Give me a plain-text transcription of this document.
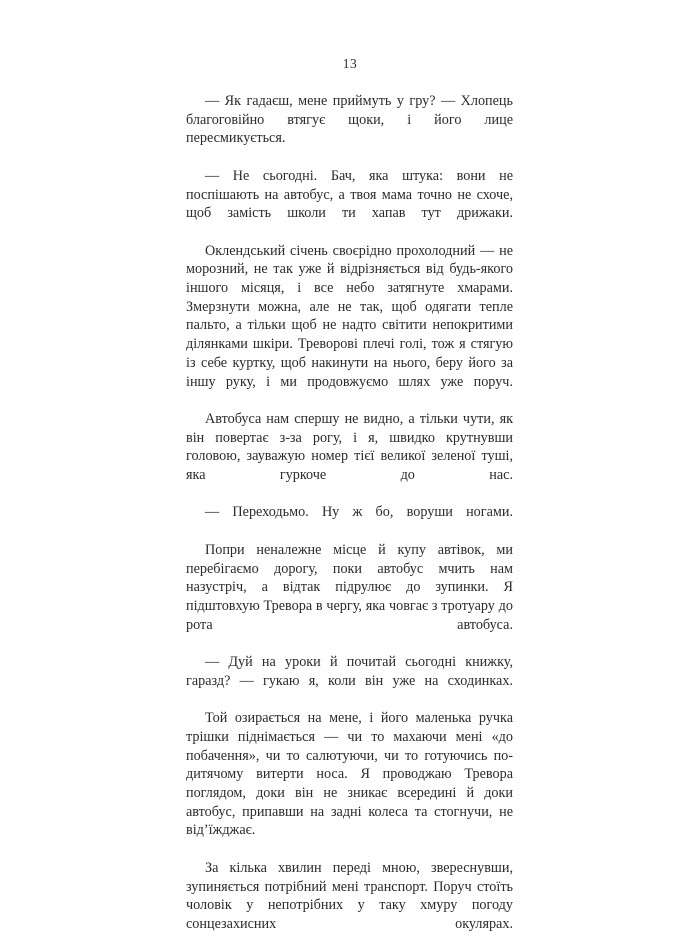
13

— Як гадаєш, мене приймуть у гру? — Хлопець благоговійно втягує щоки, і його лице пересмикується.

— Не сьогодні. Бач, яка штука: вони не поспішають на автобус, а твоя мама точно не схоче, щоб замість школи ти хапав тут дрижаки.

Оклендський січень своєрідно прохолодний — не морозний, не так уже й відрізняється від будь-якого іншого місяця, і все небо затягнуте хмарами. Змерзнути можна, але не так, щоб одягати тепле пальто, а тільки щоб не надто світити непокритими ділянками шкіри. Треворові плечі голі, тож я стягую із себе куртку, щоб накинути на нього, беру його за іншу руку, і ми продовжуємо шлях уже поруч.

Автобуса нам спершу не видно, а тільки чути, як він повертає з-за рогу, і я, швидко крутнувши головою, зауважую номер тієї великої зеленої туші, яка гуркоче до нас.

— Переходьмо. Ну ж бо, воруши ногами.

Попри неналежне місце й купу автівок, ми перебігаємо дорогу, поки автобус мчить нам назустріч, а відтак підрулює до зупинки. Я підштовхую Тревора в чергу, яка човгає з тротуару до рота автобуса.

— Дуй на уроки й почитай сьогодні книжку, гаразд? — гукаю я, коли він уже на сходинках.

Той озирається на мене, і його маленька ручка трішки піднімається — чи то махаючи мені «до побачення», чи то салютуючи, чи то готуючись по-дитячому витерти носа. Я проводжаю Тревора поглядом, доки він не зникає всередині й доки автобус, припавши на задні колеса та стогнучи, не від’їжджає.

За кілька хвилин переді мною, звереснувши, зупиняється потрібний мені транспорт. Поруч стоїть чоловік у непотрібних у таку хмуру погоду сонцезахисних окулярах.
